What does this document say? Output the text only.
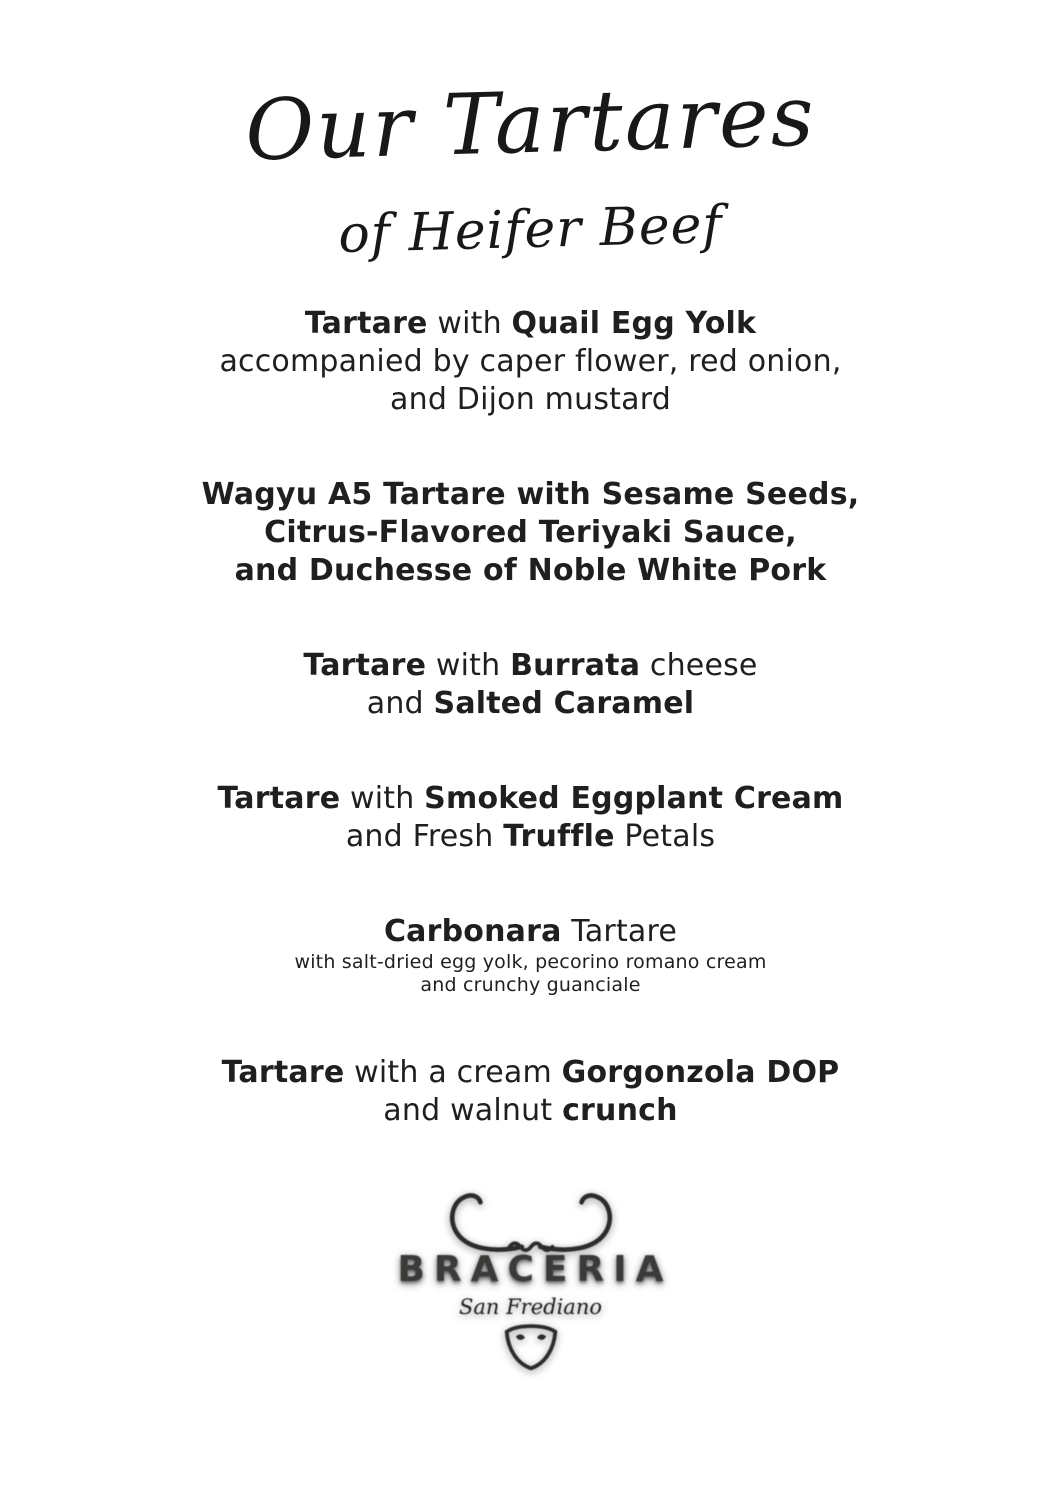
Our Tartares
of Heifer Beef
Tartare with Quail Egg Yolk
accompanied by caper flower, red onion,
and Dijon mustard
Wagyu A5 Tartare with Sesame Seeds,
Citrus-Flavored Teriyaki Sauce,
and Duchesse of Noble White Pork
Tartare with Burrata cheese
and Salted Caramel
Tartare with Smoked Eggplant Cream
and Fresh Truffle Petals
Carbonara Tartare
with salt-dried egg yolk, pecorino romano cream
and crunchy guanciale
Tartare with a cream Gorgonzola DOP
and walnut crunch
BRACERIA
San Frediano
